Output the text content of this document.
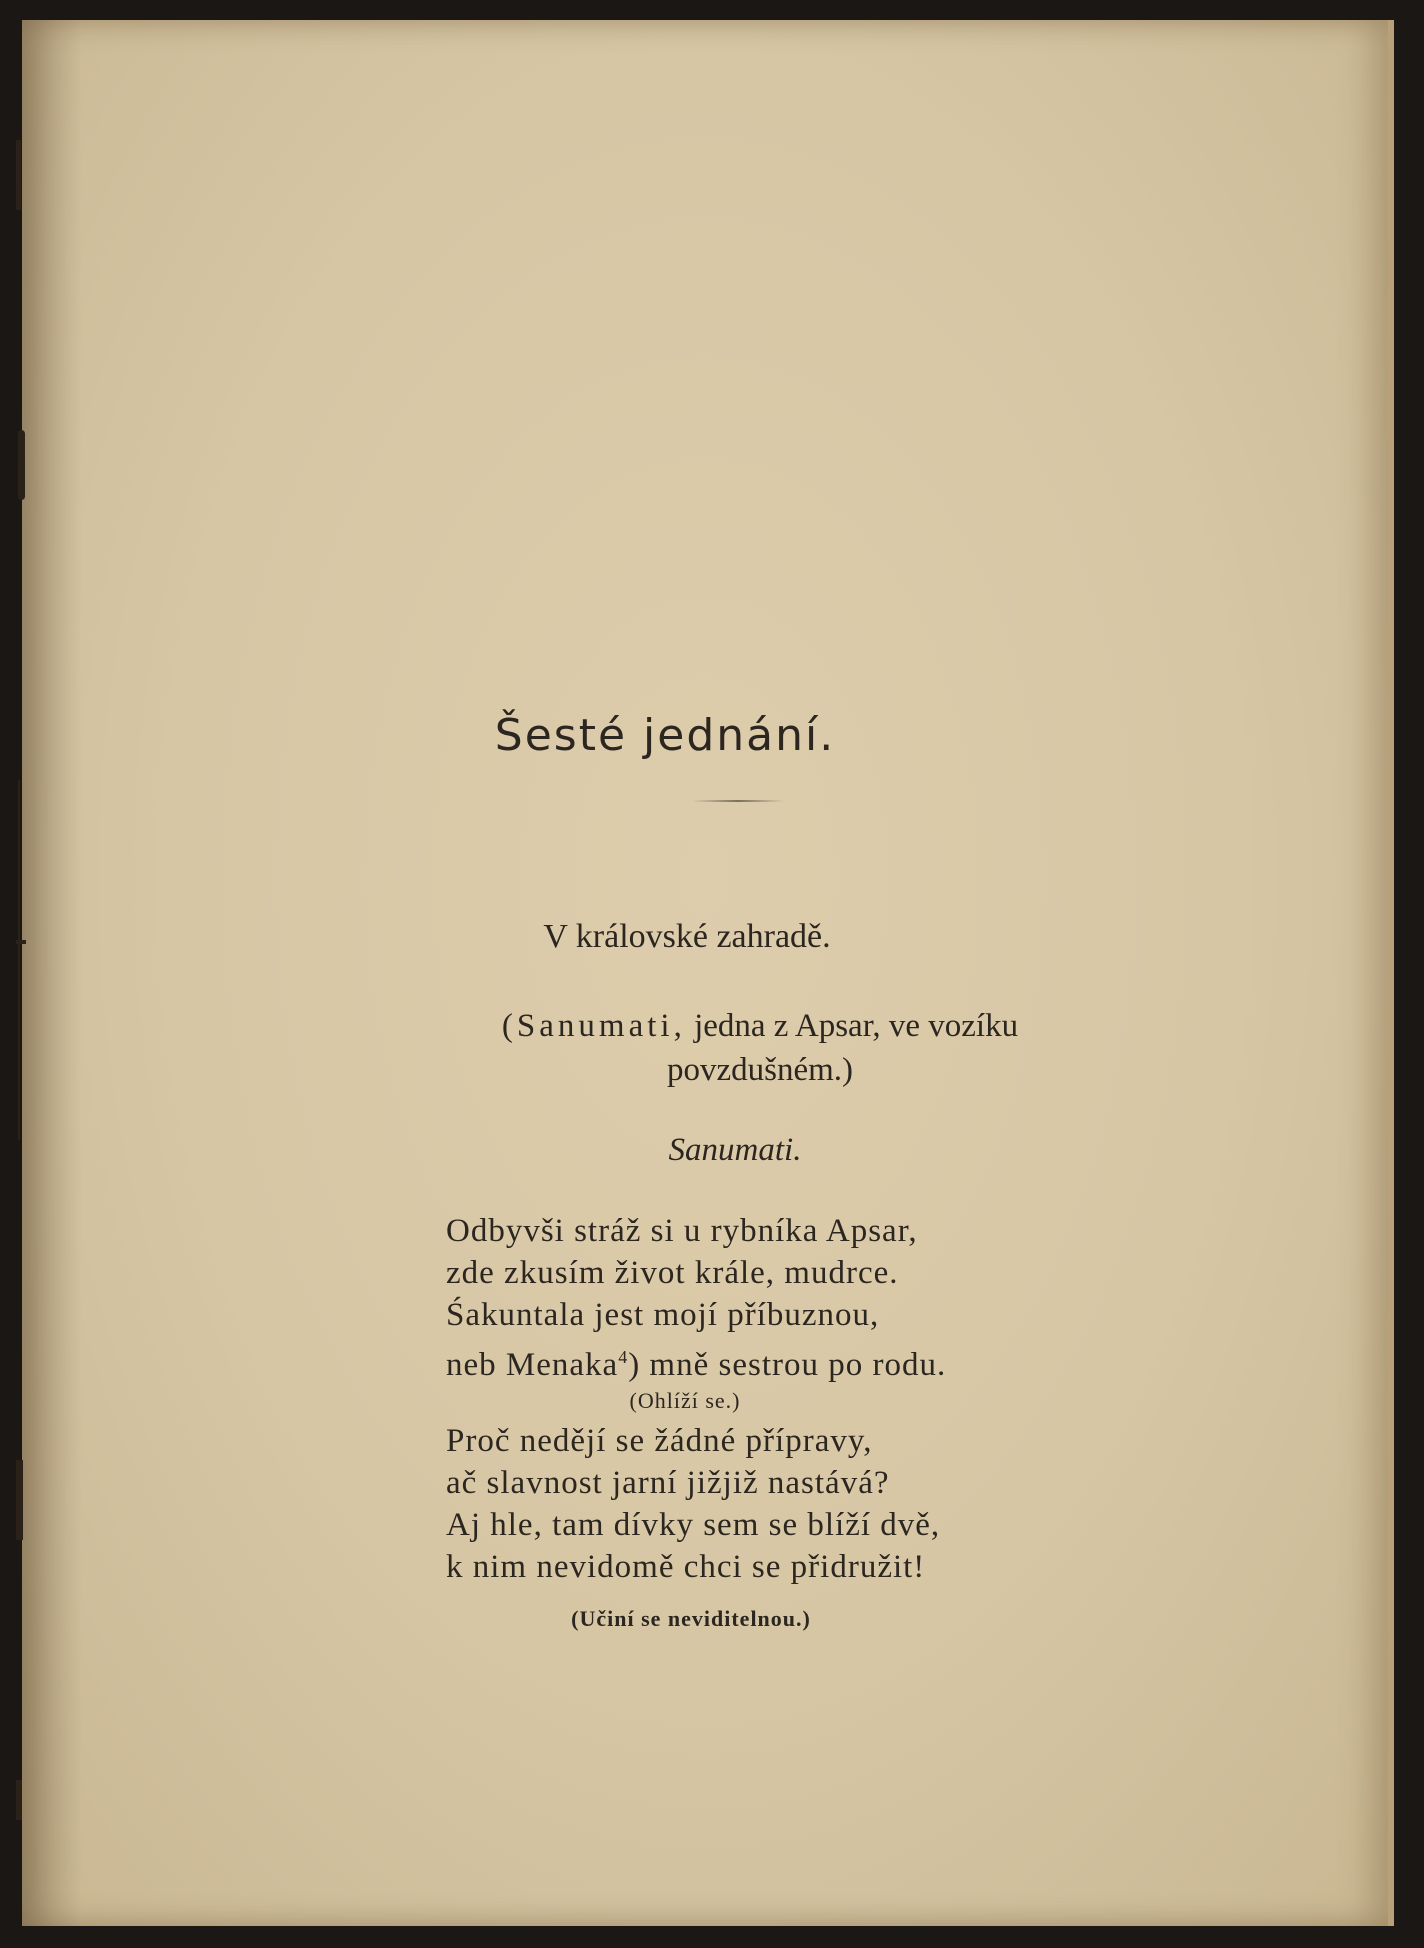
Šesté jednání.
V královské zahradě.
(Sanumati, jedna z Apsar, ve vozíku
povzdušném.)
Sanumati.
Odbyvši stráž si u rybníka Apsar,
zde zkusím život krále, mudrce.
Śakuntala jest mojí příbuznou,
neb Menaka$^4$) mně sestrou po rodu.
(Ohlíží se.)
Proč nedějí se žádné přípravy,
ač slavnost jarní jižjiž nastává?
Aj hle, tam dívky sem se blíží dvě,
k nim nevidomě chci se přidružit!
(Učiní se neviditelnou.)
